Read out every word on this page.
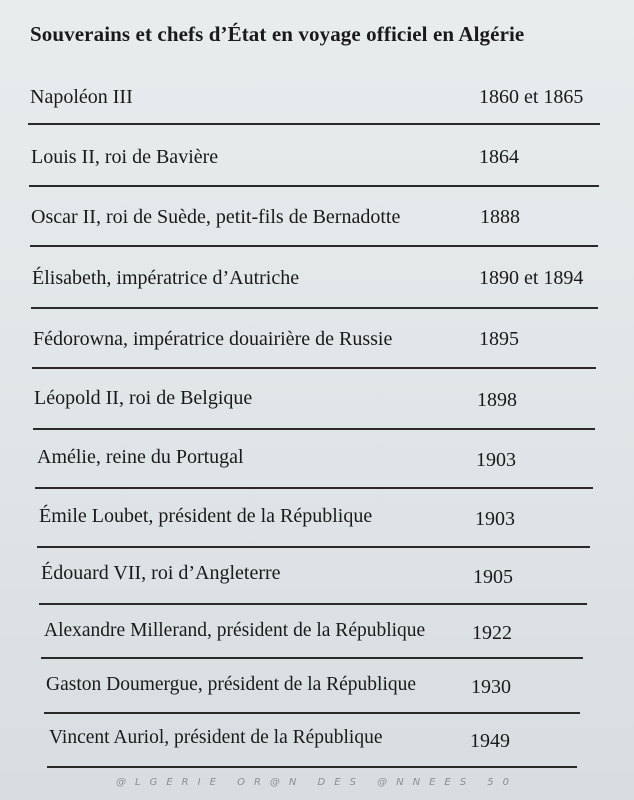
Souverains et chefs d’État en voyage officiel en Algérie
Napoléon III	1860 et 1865
Louis II, roi de Bavière	1864
Oscar II, roi de Suède, petit-fils de Bernadotte	1888
Élisabeth, impératrice d’Autriche	1890 et 1894
Fédorowna, impératrice douairière de Russie	1895
Léopold II, roi de Belgique	1898
Amélie, reine du Portugal	1903
Émile Loubet, président de la République	1903
Édouard VII, roi d’Angleterre	1905
Alexandre Millerand, président de la République 1922
Gaston Doumergue, président de la République	1930
Vincent Auriol, président de la République	1949
@LGERIE OR@N DES @NNEES 50
